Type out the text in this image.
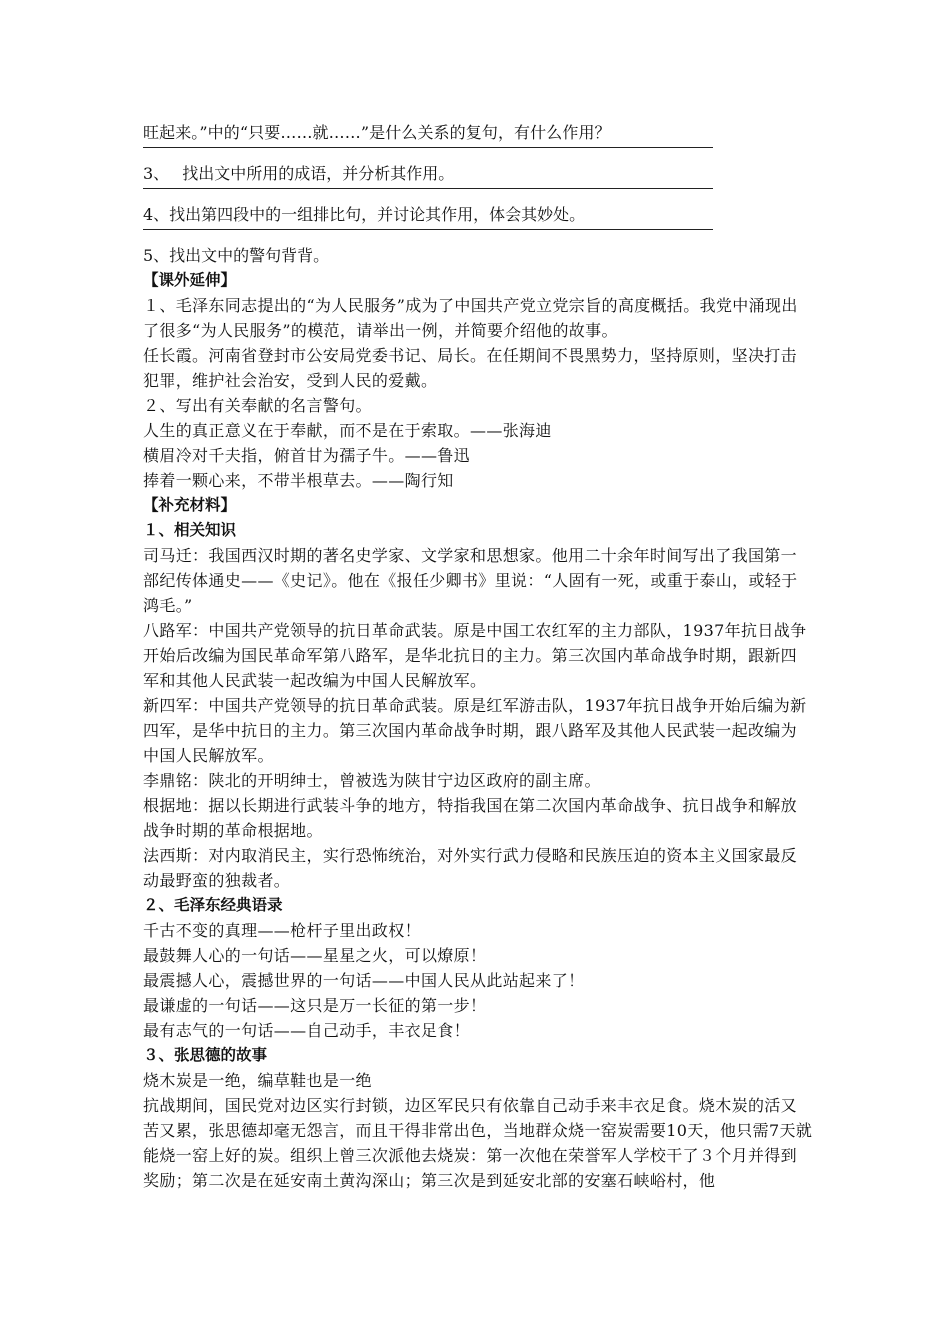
旺起来。”中的“只要……就……”是什么关系的复句，有什么作用？
3、　 找出文中所用的成语，并分析其作用。
4、找出第四段中的一组排比句，并讨论其作用，体会其妙处。
5、找出文中的警句背背。

【课外延伸】

１、毛泽东同志提出的“为人民服务”成为了中国共产党立党宗旨的高度概括。我党中涌现出了很多“为人民服务”的模范，请举出一例，并简要介绍他的故事。

任长霞。河南省登封市公安局党委书记、局长。在任期间不畏黑势力，坚持原则，坚决打击犯罪，维护社会治安，受到人民的爱戴。

２、写出有关奉献的名言警句。

人生的真正意义在于奉献，而不是在于索取。——张海迪

横眉冷对千夫指，俯首甘为孺子牛。——鲁迅

捧着一颗心来，不带半根草去。——陶行知

【补充材料】

１、相关知识

司马迁：我国西汉时期的著名史学家、文学家和思想家。他用二十余年时间写出了我国第一部纪传体通史——《史记》。他在《报任少卿书》里说：“人固有一死，或重于泰山，或轻于鸿毛。”

八路军：中国共产党领导的抗日革命武装。原是中国工农红军的主力部队，1937年抗日战争开始后改编为国民革命军第八路军，是华北抗日的主力。第三次国内革命战争时期，跟新四军和其他人民武装一起改编为中国人民解放军。

新四军：中国共产党领导的抗日革命武装。原是红军游击队，1937年抗日战争开始后编为新四军，是华中抗日的主力。第三次国内革命战争时期，跟八路军及其他人民武装一起改编为中国人民解放军。

李鼎铭：陕北的开明绅士，曾被选为陕甘宁边区政府的副主席。

根据地：据以长期进行武装斗争的地方，特指我国在第二次国内革命战争、抗日战争和解放战争时期的革命根据地。

法西斯：对内取消民主，实行恐怖统治，对外实行武力侵略和民族压迫的资本主义国家最反动最野蛮的独裁者。

２、毛泽东经典语录

千古不变的真理——枪杆子里出政权！

最鼓舞人心的一句话——星星之火，可以燎原！

最震撼人心，震撼世界的一句话——中国人民从此站起来了！

最谦虚的一句话——这只是万一长征的第一步！

最有志气的一句话——自己动手，丰衣足食！

３、张思德的故事

烧木炭是一绝，编草鞋也是一绝

抗战期间，国民党对边区实行封锁，边区军民只有依靠自己动手来丰衣足食。烧木炭的活又苦又累，张思德却毫无怨言，而且干得非常出色，当地群众烧一窑炭需要10天，他只需7天就能烧一窑上好的炭。组织上曾三次派他去烧炭：第一次他在荣誉军人学校干了３个月并得到奖励；第二次是在延安南土黄沟深山；第三次是到延安北部的安塞石峡峪村，他
